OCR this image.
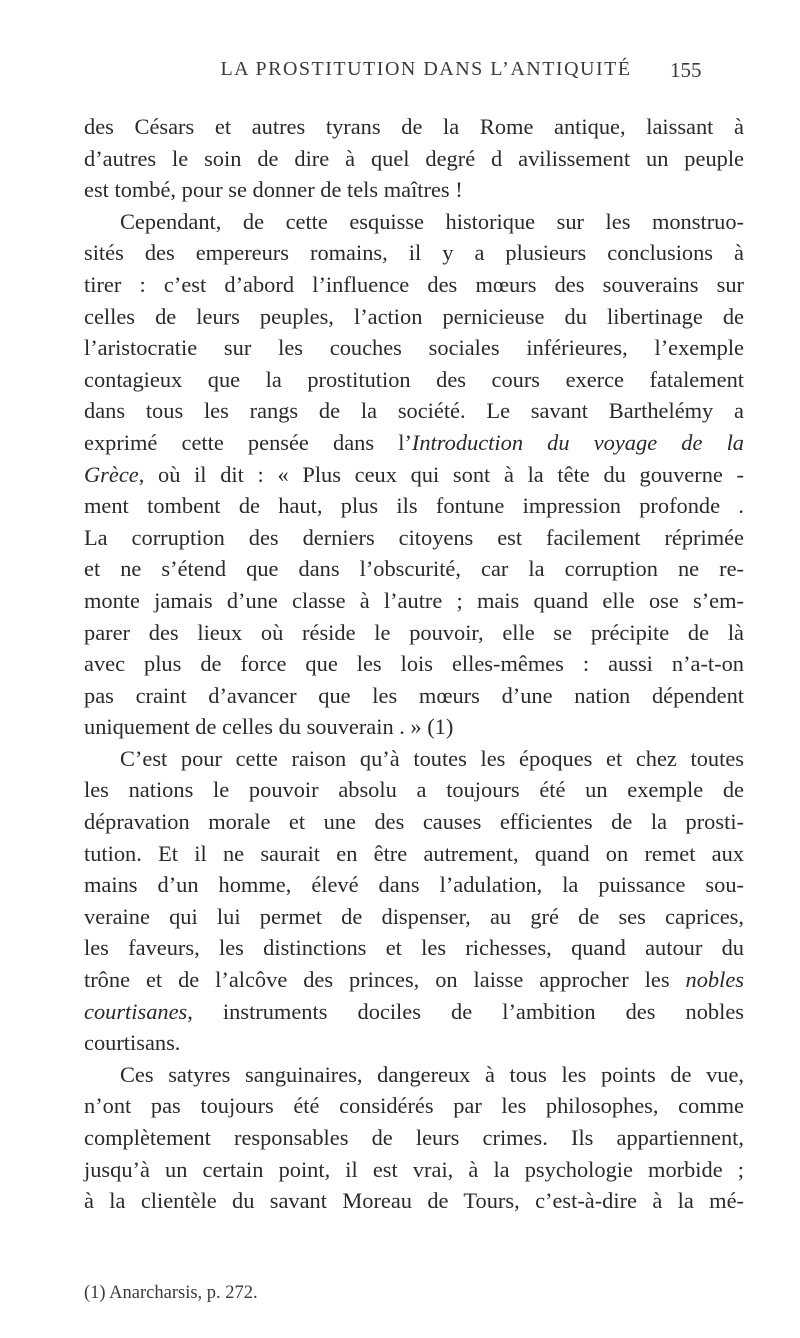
LA PROSTITUTION DANS L’ANTIQUITÉ	155
des Césars et autres tyrans de la Rome antique, laissant à
d’autres le soin de dire à quel degré d avilissement un peuple
est tombé, pour se donner de tels maîtres !
Cependant, de cette esquisse historique sur les monstruo-
sités des empereurs romains, il y a plusieurs conclusions à
tirer : c’est d’abord l’influence des mœurs des souverains sur
celles de leurs peuples, l’action pernicieuse du libertinage de
l’aristocratie sur les couches sociales inférieures, l’exemple
contagieux que la prostitution des cours exerce fatalement
dans tous les rangs de la société. Le savant Barthelémy a
exprimé cette pensée dans l’Introduction du voyage de la
Grèce, où il dit : « Plus ceux qui sont à la tête du gouverne -
ment tombent de haut, plus ils fontune impression profonde .
La corruption des derniers citoyens est facilement réprimée
et ne s’étend que dans l’obscurité, car la corruption ne re-
monte jamais d’une classe à l’autre ; mais quand elle ose s’em-
parer des lieux où réside le pouvoir, elle se précipite de là
avec plus de force que les lois elles-mêmes : aussi n’a-t-on
pas craint d’avancer que les mœurs d’une nation dépendent
uniquement de celles du souverain . » (1)
C’est pour cette raison qu’à toutes les époques et chez toutes
les nations le pouvoir absolu a toujours été un exemple de
dépravation morale et une des causes efficientes de la prosti-
tution. Et il ne saurait en être autrement, quand on remet aux
mains d’un homme, élevé dans l’adulation, la puissance sou-
veraine qui lui permet de dispenser, au gré de ses caprices,
les faveurs, les distinctions et les richesses, quand autour du
trône et de l’alcôve des princes, on laisse approcher les nobles
courtisanes, instruments dociles de l’ambition des nobles
courtisans.
Ces satyres sanguinaires, dangereux à tous les points de vue,
n’ont pas toujours été considérés par les philosophes, comme
complètement responsables de leurs crimes. Ils appartiennent,
jusqu’à un certain point, il est vrai, à la psychologie morbide ;
à la clientèle du savant Moreau de Tours, c’est-à-dire à la mé-
(1) Anarcharsis, p. 272.
